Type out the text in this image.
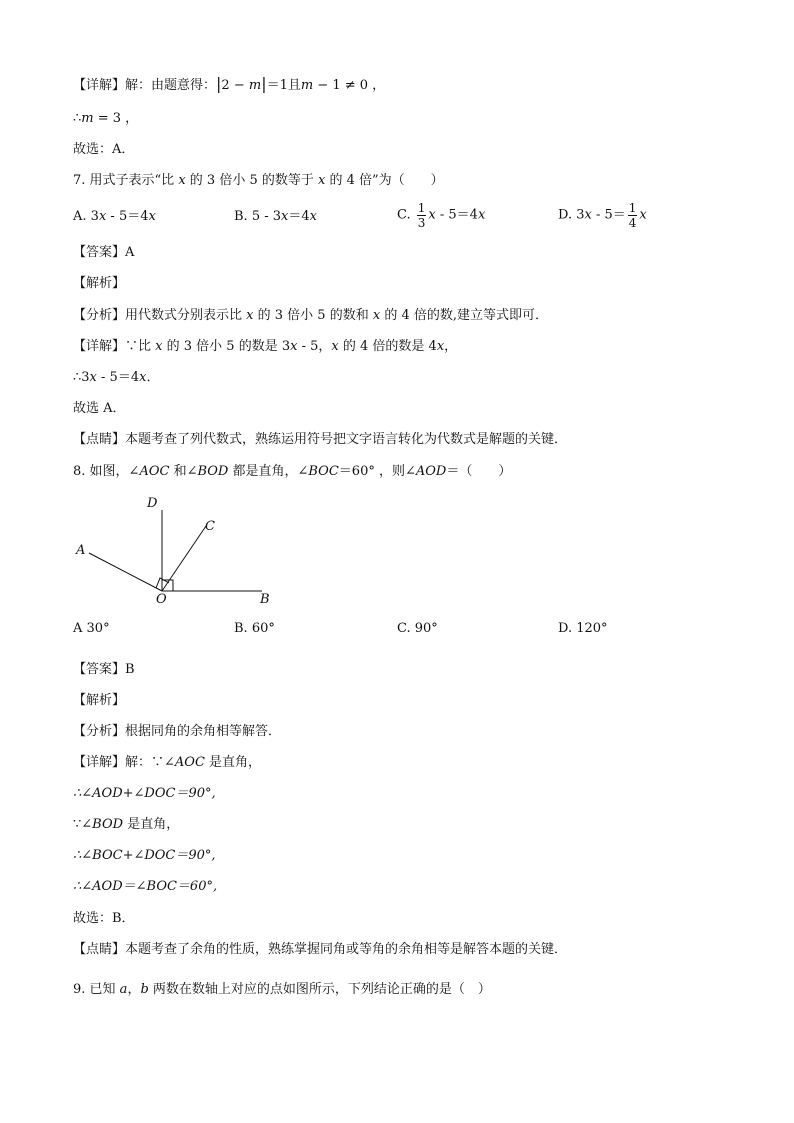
【详解】解：由题意得：|2 − m|＝1且m − 1 ≠ 0 ，
∴m = 3 ，
故选：A．
7. 用式子表示“比 x 的 3 倍小 5 的数等于 x 的 4 倍”为（　　）
A. 3x - 5＝4x	B. 5 - 3x＝4x	C. $\frac{1}{3}$ x - 5＝4x	D. $3x - 5= \frac{1}{4}$ x
【答案】A
【解析】
【分析】用代数式分别表示比 x 的 3 倍小 5 的数和 x 的 4 倍的数,建立等式即可．
【详解】∵比 x 的 3 倍小 5 的数是 3x - 5，x 的 4 倍的数是 4x，
∴3x - 5＝4x．
故选 A．
【点睛】本题考查了列代数式，熟练运用符号把文字语言转化为代数式是解题的关键．
8. 如图，∠AOC 和∠BOD 都是直角，∠BOC＝60° ，则∠AOD＝（　　）
D
C
A
O	B
A 30°	B. 60°	C. 90°	D. 120°
【答案】B
【解析】
【分析】根据同角的余角相等解答．
【详解】解：∵∠AOC 是直角，
∴∠AOD+∠DOC＝90°,
∵∠BOD 是直角，
∴∠BOC+∠DOC＝90°,
∴∠AOD＝∠BOC＝60°,
故选：B．
【点睛】本题考查了余角的性质，熟练掌握同角或等角的余角相等是解答本题的关键．
9. 已知 a，b 两数在数轴上对应的点如图所示，下列结论正确的是（　）
